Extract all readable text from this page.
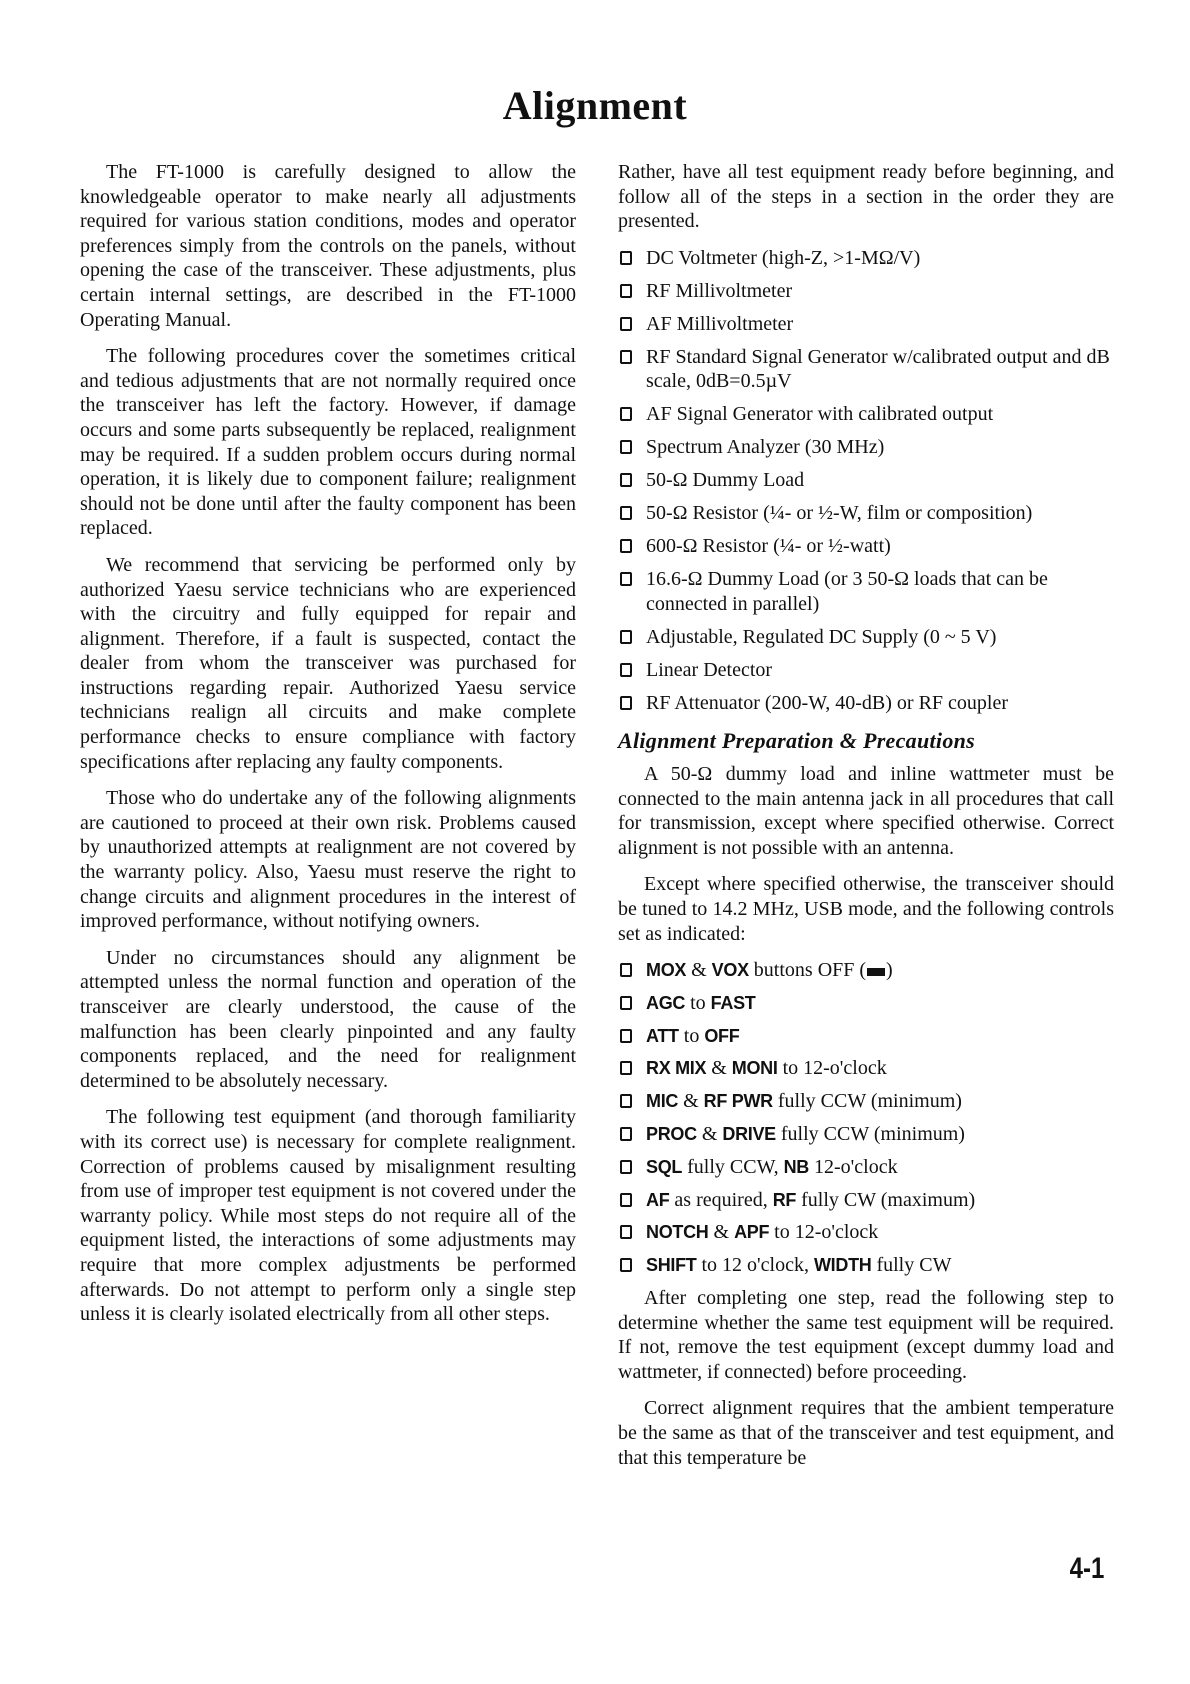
Alignment

The FT-1000 is carefully designed to allow the knowledgeable operator to make nearly all adjustments required for various station conditions, modes and operator preferences simply from the controls on the panels, without opening the case of the transceiver. These adjustments, plus certain internal settings, are described in the FT-1000 Operating Manual.

The following procedures cover the sometimes critical and tedious adjustments that are not normally required once the transceiver has left the factory. However, if damage occurs and some parts subsequently be replaced, realignment may be required. If a sudden problem occurs during normal operation, it is likely due to component failure; realignment should not be done until after the faulty component has been replaced.

We recommend that servicing be performed only by authorized Yaesu service technicians who are experienced with the circuitry and fully equipped for repair and alignment. Therefore, if a fault is suspected, contact the dealer from whom the transceiver was purchased for instructions regarding repair. Authorized Yaesu service technicians realign all circuits and make complete performance checks to ensure compliance with factory specifications after replacing any faulty components.

Those who do undertake any of the following alignments are cautioned to proceed at their own risk. Problems caused by unauthorized attempts at realignment are not covered by the warranty policy. Also, Yaesu must reserve the right to change circuits and alignment procedures in the interest of improved performance, without notifying owners.

Under no circumstances should any alignment be attempted unless the normal function and operation of the transceiver are clearly understood, the cause of the malfunction has been clearly pinpointed and any faulty components replaced, and the need for realignment determined to be absolutely necessary.

The following test equipment (and thorough familiarity with its correct use) is necessary for complete realignment. Correction of problems caused by misalignment resulting from use of improper test equipment is not covered under the warranty policy. While most steps do not require all of the equipment listed, the interactions of some adjustments may require that more complex adjustments be performed afterwards. Do not attempt to perform only a single step unless it is clearly isolated electrically from all other steps.

Rather, have all test equipment ready before beginning, and follow all of the steps in a section in the order they are presented.

DC Voltmeter (high-Z, >1-MΩ/V)
RF Millivoltmeter
AF Millivoltmeter
RF Standard Signal Generator w/calibrated output and dB scale, 0dB=0.5µV
AF Signal Generator with calibrated output
Spectrum Analyzer (30 MHz)
50-Ω Dummy Load
50-Ω Resistor (¼- or ½-W, film or composition)
600-Ω Resistor (¼- or ½-watt)
16.6-Ω Dummy Load (or 3 50-Ω loads that can be connected in parallel)
Adjustable, Regulated DC Supply (0 ~ 5 V)
Linear Detector
RF Attenuator (200-W, 40-dB) or RF coupler
Alignment Preparation & Precautions

A 50-Ω dummy load and inline wattmeter must be connected to the main antenna jack in all procedures that call for transmission, except where specified otherwise. Correct alignment is not possible with an antenna.

Except where specified otherwise, the transceiver should be tuned to 14.2 MHz, USB mode, and the following controls set as indicated:

MOX & VOX buttons OFF ( )
AGC to FAST
ATT to OFF
RX MIX & MONI to 12-o'clock
MIC & RF PWR fully CCW (minimum)
PROC & DRIVE fully CCW (minimum)
SQL fully CCW, NB 12-o'clock
AF as required, RF fully CW (maximum)
NOTCH & APF to 12-o'clock
SHIFT to 12 o'clock, WIDTH fully CW

After completing one step, read the following step to determine whether the same test equipment will be required. If not, remove the test equipment (except dummy load and wattmeter, if connected) before proceeding.

Correct alignment requires that the ambient temperature be the same as that of the transceiver and test equipment, and that this temperature be

4-1
